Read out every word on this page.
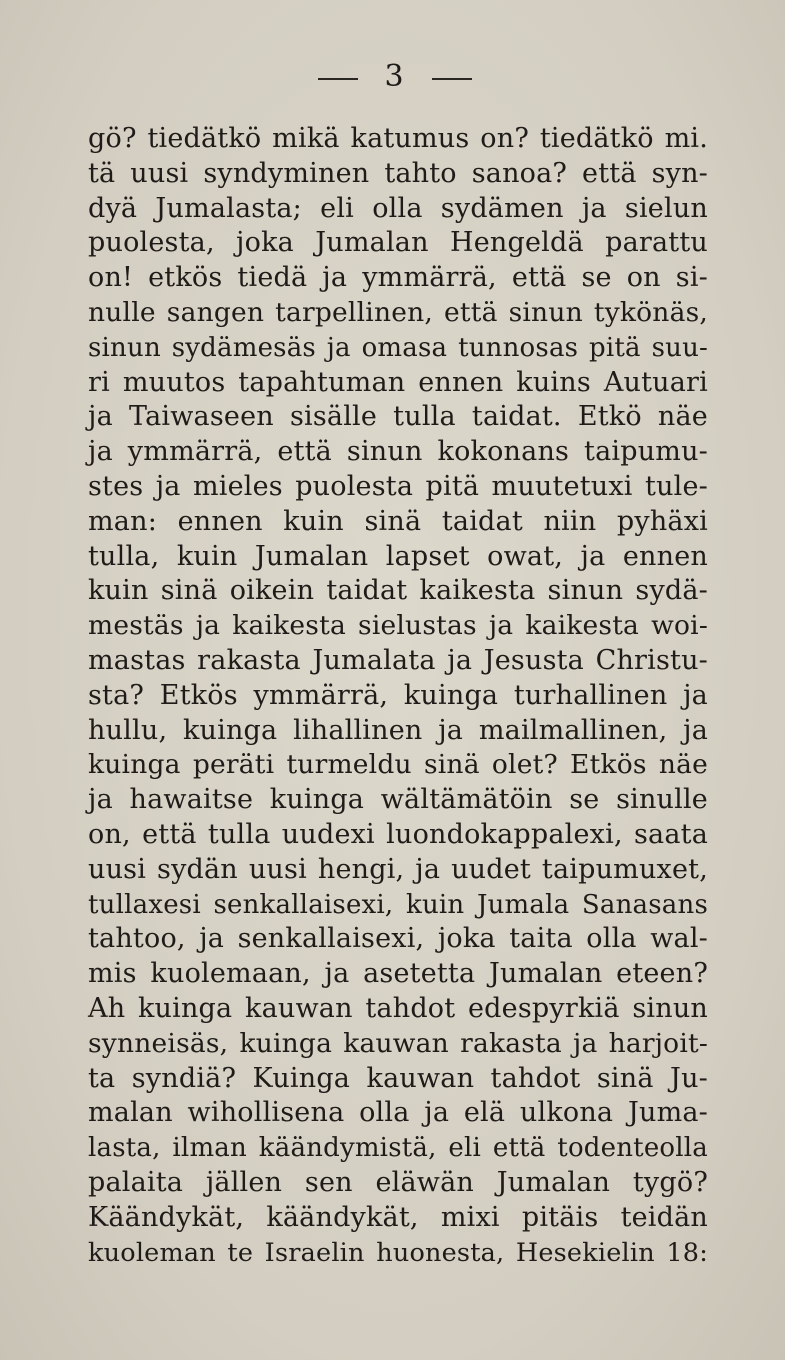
3
gö? tiedätkö mikä katumus on? tiedätkö mi.
tä uusi syndyminen tahto sanoa? että syn-
dyä Jumalasta; eli olla sydämen ja sielun
puolesta, joka Jumalan Hengeldä parattu
on! etkös tiedä ja ymmärrä, että se on si-
nulle sangen tarpellinen, että sinun tykönäs,
sinun sydämesäs ja omasa tunnosas pitä suu-
ri muutos tapahtuman ennen kuins Autuari
ja Taiwaseen sisälle tulla taidat. Etkö näe
ja ymmärrä, että sinun kokonans taipumu-
stes ja mieles puolesta pitä muutetuxi tule-
man: ennen kuin sinä taidat niin pyhäxi
tulla, kuin Jumalan lapset owat, ja ennen
kuin sinä oikein taidat kaikesta sinun sydä-
mestäs ja kaikesta sielustas ja kaikesta woi-
mastas rakasta Jumalata ja Jesusta Christu-
sta? Etkös ymmärrä, kuinga turhallinen ja
hullu, kuinga lihallinen ja mailmallinen, ja
kuinga peräti turmeldu sinä olet? Etkös näe
ja hawaitse kuinga wältämätöin se sinulle
on, että tulla uudexi luondokappalexi, saata
uusi sydän uusi hengi, ja uudet taipumuxet,
tullaxesi senkallaisexi, kuin Jumala Sanasans
tahtoo, ja senkallaisexi, joka taita olla wal-
mis kuolemaan, ja asetetta Jumalan eteen?
Ah kuinga kauwan tahdot edespyrkiä sinun
synneisäs, kuinga kauwan rakasta ja harjoit-
ta syndiä? Kuinga kauwan tahdot sinä Ju-
malan wihollisena olla ja elä ulkona Juma-
lasta, ilman käändymistä, eli että todenteolla
palaita jällen sen eläwän Jumalan tygö?
Käändykät, käändykät, mixi pitäis teidän
kuoleman te Israelin huonesta, Hesekielin 18:
